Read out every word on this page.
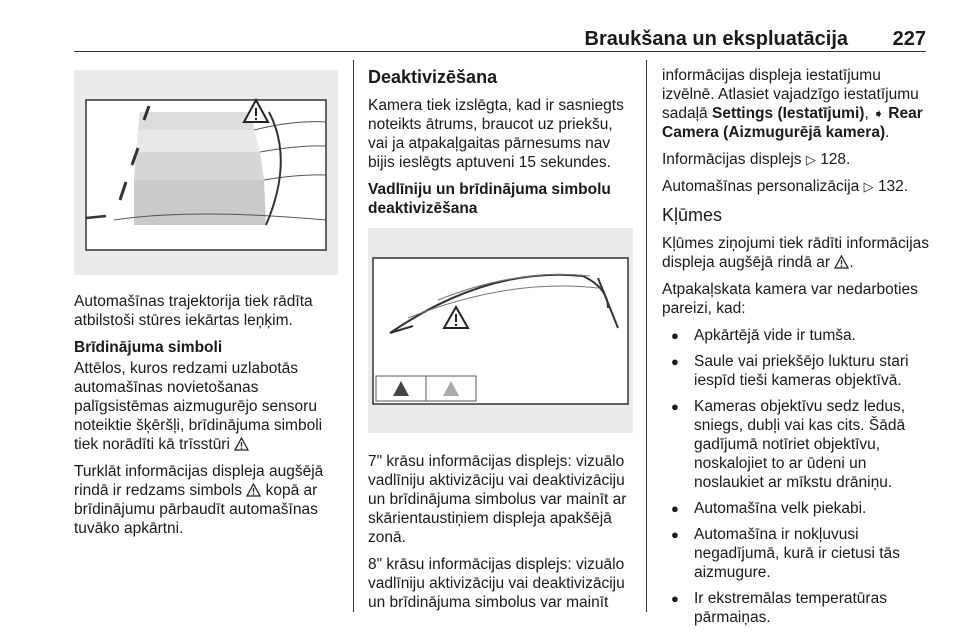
Braukšana un ekspluatācija 227

Automašīnas trajektorija tiek rādīta atbilstoši stūres iekārtas leņķim.

Brīdinājuma simboli

Attēlos, kuros redzami uzlabotās automašīnas novietošanas palīgsistēmas aizmugurējo sensoru noteiktie šķēršļi, brīdinājuma simboli tiek norādīti kā trīsstūri

Turklāt informācijas displeja augšējā rindā ir redzams simbols kopā ar brīdinājumu pārbaudīt automašīnas tuvāko apkārtni.

Deaktivizēšana

Kamera tiek izslēgta, kad ir sasniegts noteikts ātrums, braucot uz priekšu, vai ja atpakaļgaitas pārnesums nav bijis ieslēgts aptuveni 15 sekundes.

Vadlīniju un brīdinājuma simbolu deaktivizēšana

7" krāsu informācijas displejs: vizuālo vadlīniju aktivizāciju vai deaktivizāciju un brīdinājuma simbolus var mainīt ar skārientaustiņiem displeja apakšējā zonā.

8" krāsu informācijas displejs: vizuālo vadlīniju aktivizāciju vai deaktivizāciju un brīdinājuma simbolus var mainīt

informācijas displeja iestatījumu izvēlnē. Atlasiet vajadzīgo iestatījumu sadaļā Settings (Iestatījumi), ➧ Rear Camera (Aizmugurējā kamera).

Informācijas displejs ▷ 128.

Automašīnas personalizācija ▷ 132.

Kļūmes

Kļūmes ziņojumi tiek rādīti informācijas displeja augšējā rindā ar .

Atpakaļskata kamera var nedarboties pareizi, kad:

● Apkārtējā vide ir tumša.
● Saule vai priekšējo lukturu stari iespīd tieši kameras objektīvā.
● Kameras objektīvu sedz ledus, sniegs, dubļi vai kas cits. Šādā gadījumā notīriet objektīvu, noskalojiet to ar ūdeni un noslaukiet ar mīkstu drāniņu.
● Automašīna velk piekabi.
● Automašīna ir nokļuvusi negadījumā, kurā ir cietusi tās aizmugure.
● Ir ekstremālas temperatūras pārmaiņas.
